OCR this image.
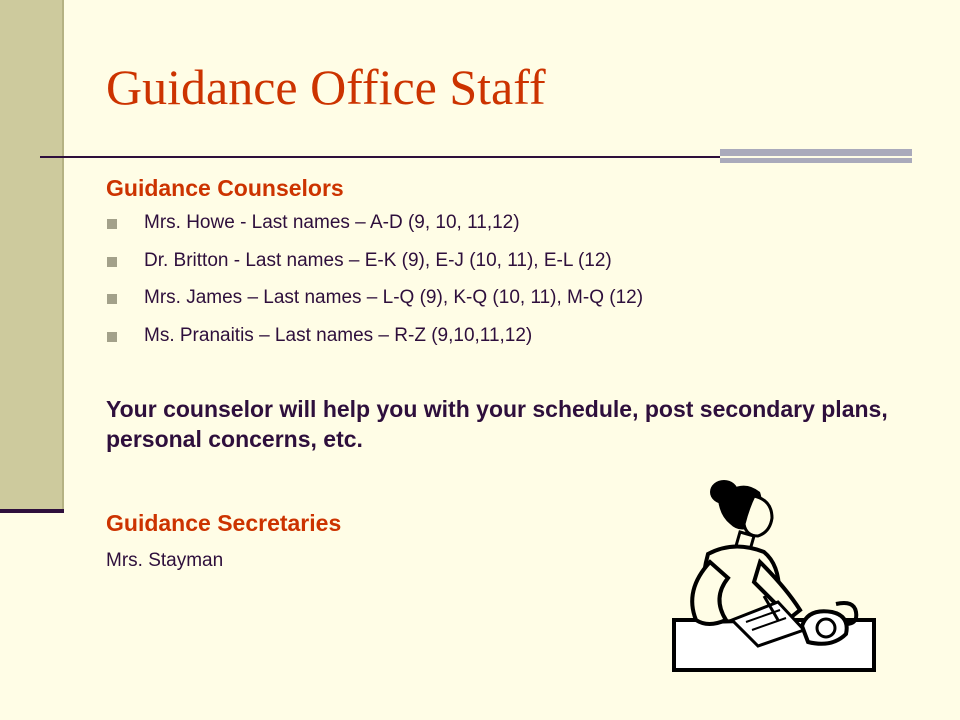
Guidance Office Staff
Guidance Counselors
Mrs. Howe - Last names – A-D (9, 10, 11,12)
Dr. Britton - Last names – E-K (9), E-J (10, 11), E-L (12)
Mrs. James – Last names – L-Q (9), K-Q (10, 11), M-Q (12)
Ms. Pranaitis – Last names – R-Z (9,10,11,12)

Your counselor will help you with your schedule, post secondary plans, personal concerns, etc.

Guidance Secretaries

Mrs. Stayman
